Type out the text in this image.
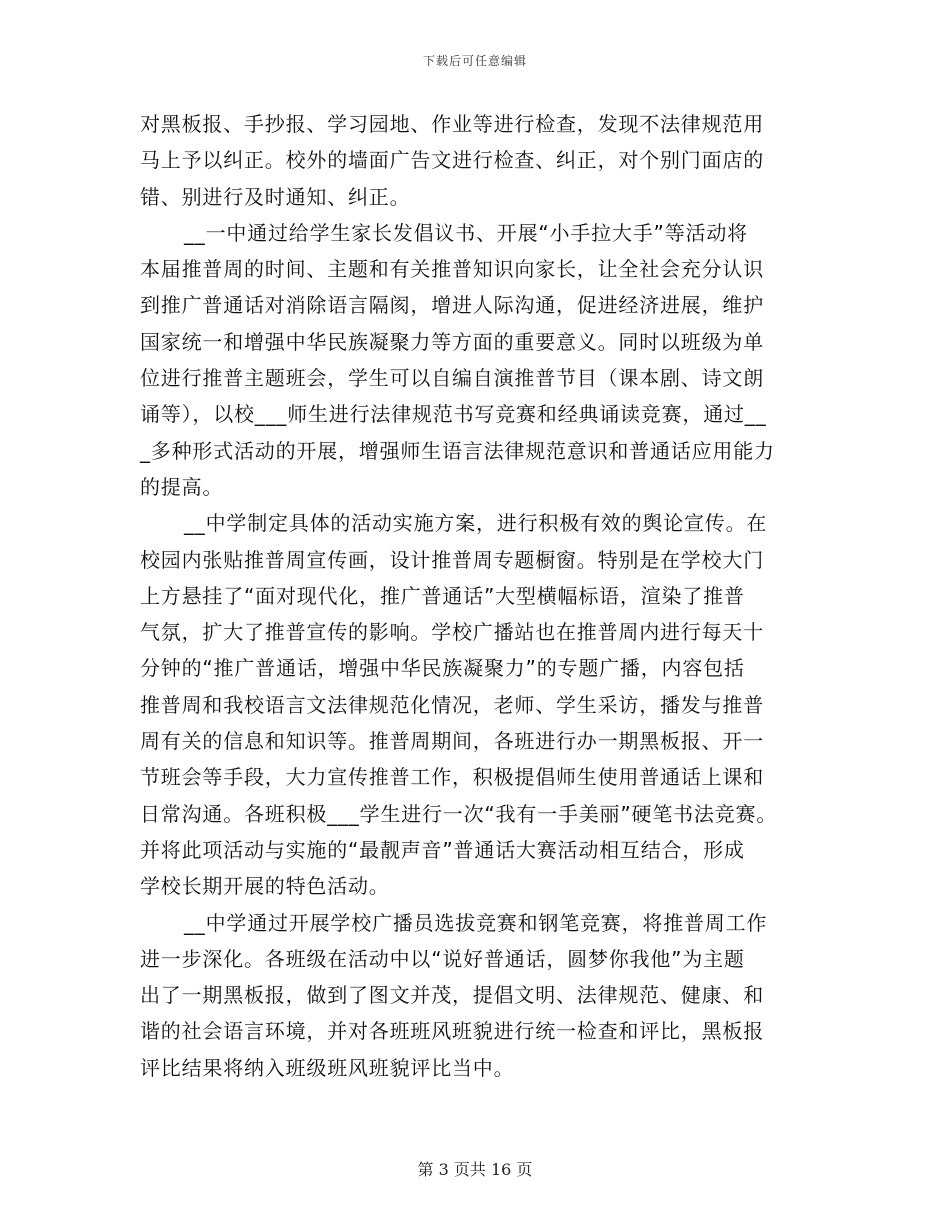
下载后可任意编辑
对黑板报、手抄报、学习园地、作业等进行检查，发现不法律规范用
马上予以纠正。校外的墙面广告文进行检查、纠正，对个别门面店的
错、别进行及时通知、纠正。
__一中通过给学生家长发倡议书、开展“小手拉大手”等活动将
本届推普周的时间、主题和有关推普知识向家长，让全社会充分认识
到推广普通话对消除语言隔阂，增进人际沟通，促进经济进展，维护
国家统一和增强中华民族凝聚力等方面的重要意义。同时以班级为单
位进行推普主题班会，学生可以自编自演推普节目（课本剧、诗文朗
诵等），以校___师生进行法律规范书写竞赛和经典诵读竞赛，通过__
_多种形式活动的开展，增强师生语言法律规范意识和普通话应用能力
的提高。
__中学制定具体的活动实施方案，进行积极有效的舆论宣传。在
校园内张贴推普周宣传画，设计推普周专题橱窗。特别是在学校大门
上方悬挂了“面对现代化，推广普通话”大型横幅标语，渲染了推普
气氛，扩大了推普宣传的影响。学校广播站也在推普周内进行每天十
分钟的“推广普通话，增强中华民族凝聚力”的专题广播，内容包括
推普周和我校语言文法律规范化情况，老师、学生采访，播发与推普
周有关的信息和知识等。推普周期间，各班进行办一期黑板报、开一
节班会等手段，大力宣传推普工作，积极提倡师生使用普通话上课和
日常沟通。各班积极___学生进行一次“我有一手美丽”硬笔书法竞赛。
并将此项活动与实施的“最靓声音”普通话大赛活动相互结合，形成
学校长期开展的特色活动。
__中学通过开展学校广播员选拔竞赛和钢笔竞赛，将推普周工作
进一步深化。各班级在活动中以“说好普通话，圆梦你我他”为主题
出了一期黑板报，做到了图文并茂，提倡文明、法律规范、健康、和
谐的社会语言环境，并对各班班风班貌进行统一检查和评比，黑板报
评比结果将纳入班级班风班貌评比当中。
第 3 页共 16 页
